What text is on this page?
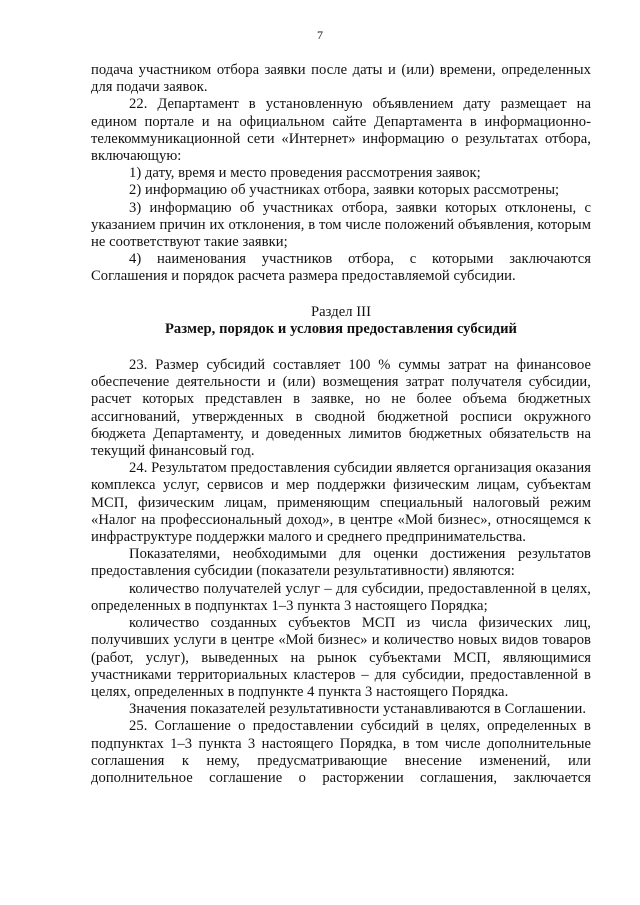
7

подача участником отбора заявки после даты и (или) времени, определенных для подачи заявок.

22. Департамент в установленную объявлением дату размещает на едином портале и на официальном сайте Департамента в информационно-телекоммуникационной сети «Интернет» информацию о результатах отбора, включающую:

1) дату, время и место проведения рассмотрения заявок;

2) информацию об участниках отбора, заявки которых рассмотрены;

3) информацию об участниках отбора, заявки которых отклонены, с указанием причин их отклонения, в том числе положений объявления, которым не соответствуют такие заявки;

4) наименования участников отбора, с которыми заключаются Соглашения и порядок расчета размера предоставляемой субсидии.

Раздел III
Размер, порядок и условия предоставления субсидий

23. Размер субсидий составляет 100 % суммы затрат на финансовое обеспечение деятельности и (или) возмещения затрат получателя субсидии, расчет которых представлен в заявке, но не более объема бюджетных ассигнований, утвержденных в сводной бюджетной росписи окружного бюджета Департаменту, и доведенных лимитов бюджетных обязательств на текущий финансовый год.

24. Результатом предоставления субсидии является организация оказания комплекса услуг, сервисов и мер поддержки физическим лицам, субъектам МСП, физическим лицам, применяющим специальный налоговый режим «Налог на профессиональный доход», в центре «Мой бизнес», относящемся к инфраструктуре поддержки малого и среднего предпринимательства.

Показателями, необходимыми для оценки достижения результатов предоставления субсидии (показатели результативности) являются:

количество получателей услуг – для субсидии, предоставленной в целях, определенных в подпунктах 1–3 пункта 3 настоящего Порядка;

количество созданных субъектов МСП из числа физических лиц, получивших услуги в центре «Мой бизнес» и количество новых видов товаров (работ, услуг), выведенных на рынок субъектами МСП, являющимися участниками территориальных кластеров – для субсидии, предоставленной в целях, определенных в подпункте 4 пункта 3 настоящего Порядка.

Значения показателей результативности устанавливаются в Соглашении.

25. Соглашение о предоставлении субсидий в целях, определенных в подпунктах 1–3 пункта 3 настоящего Порядка, в том числе дополнительные соглашения к нему, предусматривающие внесение изменений, или дополнительное соглашение о расторжении соглашения, заключается
